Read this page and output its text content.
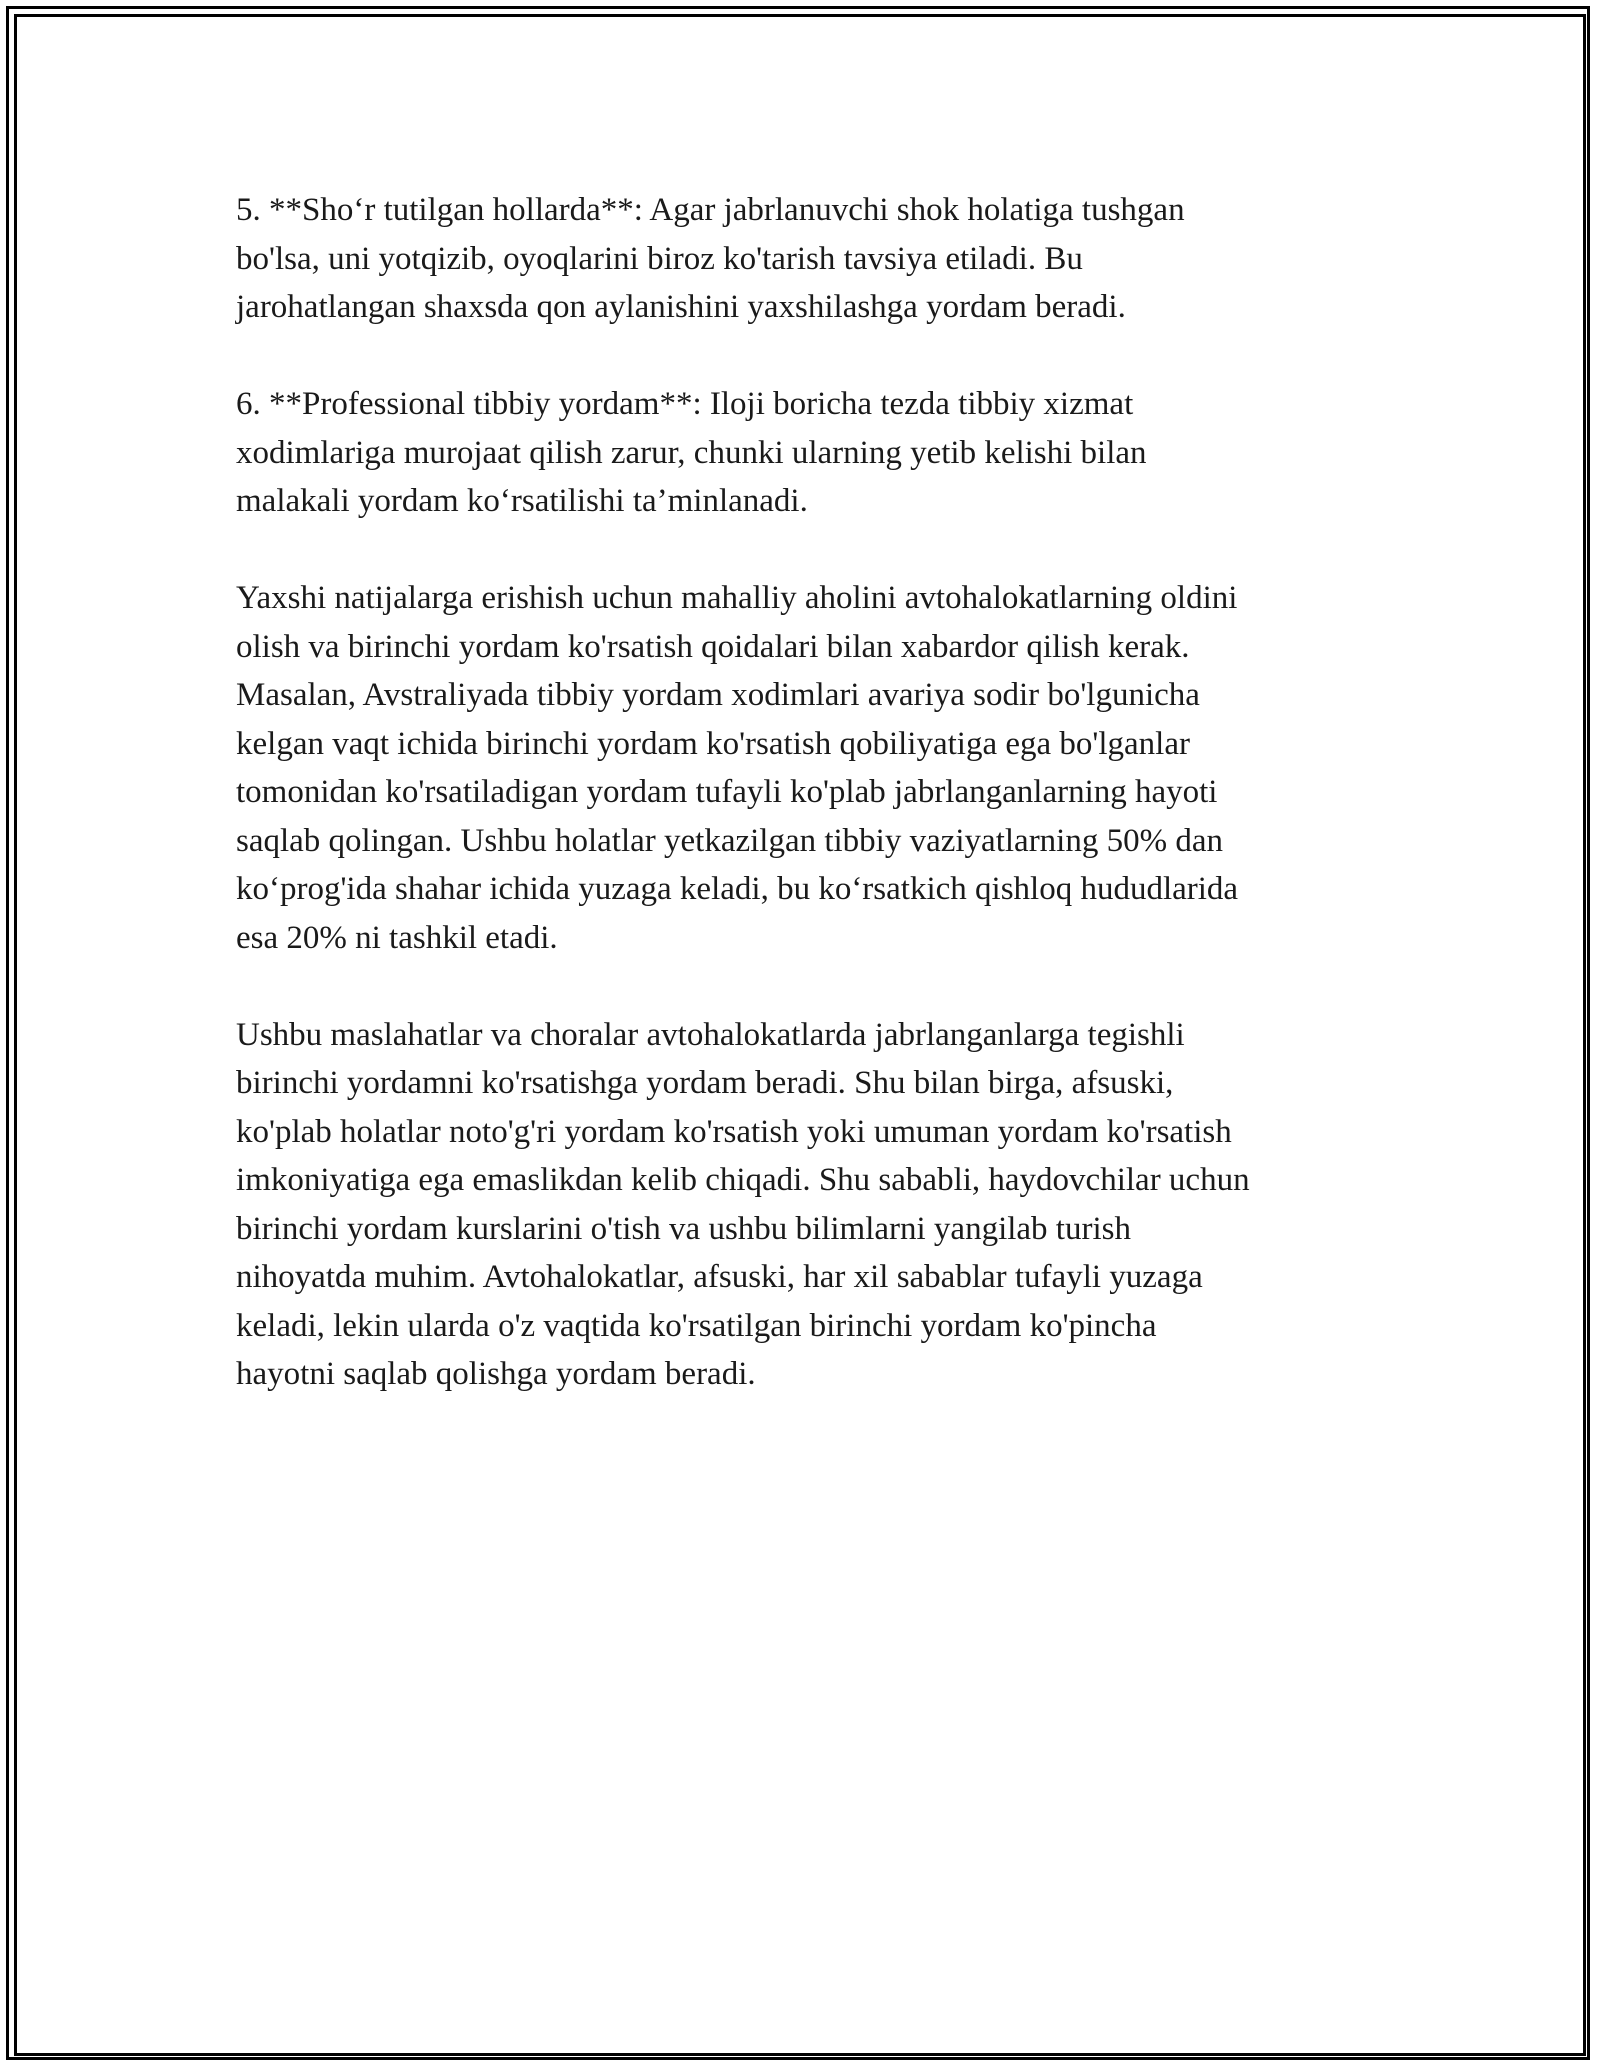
5. **Sho‘r tutilgan hollarda**: Agar jabrlanuvchi shok holatiga tushgan
bo'lsa, uni yotqizib, oyoqlarini biroz ko'tarish tavsiya etiladi. Bu
jarohatlangan shaxsda qon aylanishini yaxshilashga yordam beradi.

6. **Professional tibbiy yordam**: Iloji boricha tezda tibbiy xizmat
xodimlariga murojaat qilish zarur, chunki ularning yetib kelishi bilan
malakali yordam ko‘rsatilishi ta’minlanadi.

Yaxshi natijalarga erishish uchun mahalliy aholini avtohalokatlarning oldini
olish va birinchi yordam ko'rsatish qoidalari bilan xabardor qilish kerak.
Masalan, Avstraliyada tibbiy yordam xodimlari avariya sodir bo'lgunicha
kelgan vaqt ichida birinchi yordam ko'rsatish qobiliyatiga ega bo'lganlar
tomonidan ko'rsatiladigan yordam tufayli ko'plab jabrlanganlarning hayoti
saqlab qolingan. Ushbu holatlar yetkazilgan tibbiy vaziyatlarning 50% dan
ko‘prog'ida shahar ichida yuzaga keladi, bu ko‘rsatkich qishloq hududlarida
esa 20% ni tashkil etadi.

Ushbu maslahatlar va choralar avtohalokatlarda jabrlanganlarga tegishli
birinchi yordamni ko'rsatishga yordam beradi. Shu bilan birga, afsuski,
ko'plab holatlar noto'g'ri yordam ko'rsatish yoki umuman yordam ko'rsatish
imkoniyatiga ega emaslikdan kelib chiqadi. Shu sababli, haydovchilar uchun
birinchi yordam kurslarini o'tish va ushbu bilimlarni yangilab turish
nihoyatda muhim. Avtohalokatlar, afsuski, har xil sabablar tufayli yuzaga
keladi, lekin ularda o'z vaqtida ko'rsatilgan birinchi yordam ko'pincha
hayotni saqlab qolishga yordam beradi.
